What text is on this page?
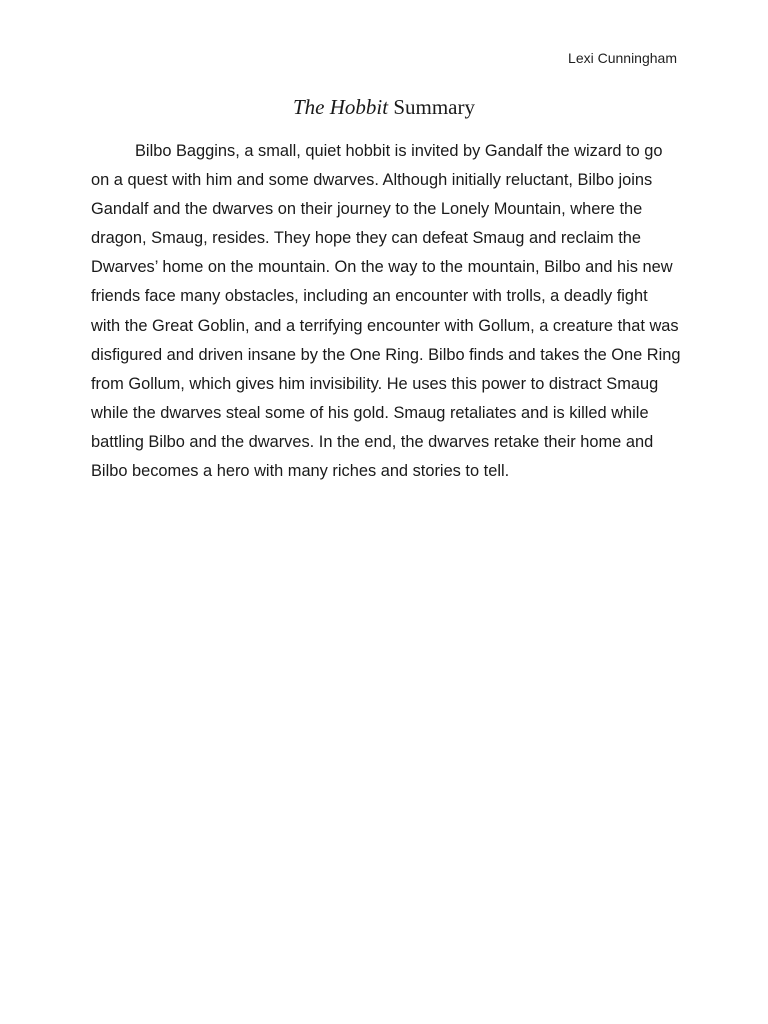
Lexi Cunningham
The Hobbit Summary

Bilbo Baggins, a small, quiet hobbit is invited by Gandalf the wizard to go on a quest with him and some dwarves. Although initially reluctant, Bilbo joins Gandalf and the dwarves on their journey to the Lonely Mountain, where the dragon, Smaug, resides. They hope they can defeat Smaug and reclaim the Dwarves’ home on the mountain. On the way to the mountain, Bilbo and his new friends face many obstacles, including an encounter with trolls, a deadly fight with the Great Goblin, and a terrifying encounter with Gollum, a creature that was disfigured and driven insane by the One Ring. Bilbo finds and takes the One Ring from Gollum, which gives him invisibility. He uses this power to distract Smaug while the dwarves steal some of his gold. Smaug retaliates and is killed while battling Bilbo and the dwarves. In the end, the dwarves retake their home and Bilbo becomes a hero with many riches and stories to tell.
